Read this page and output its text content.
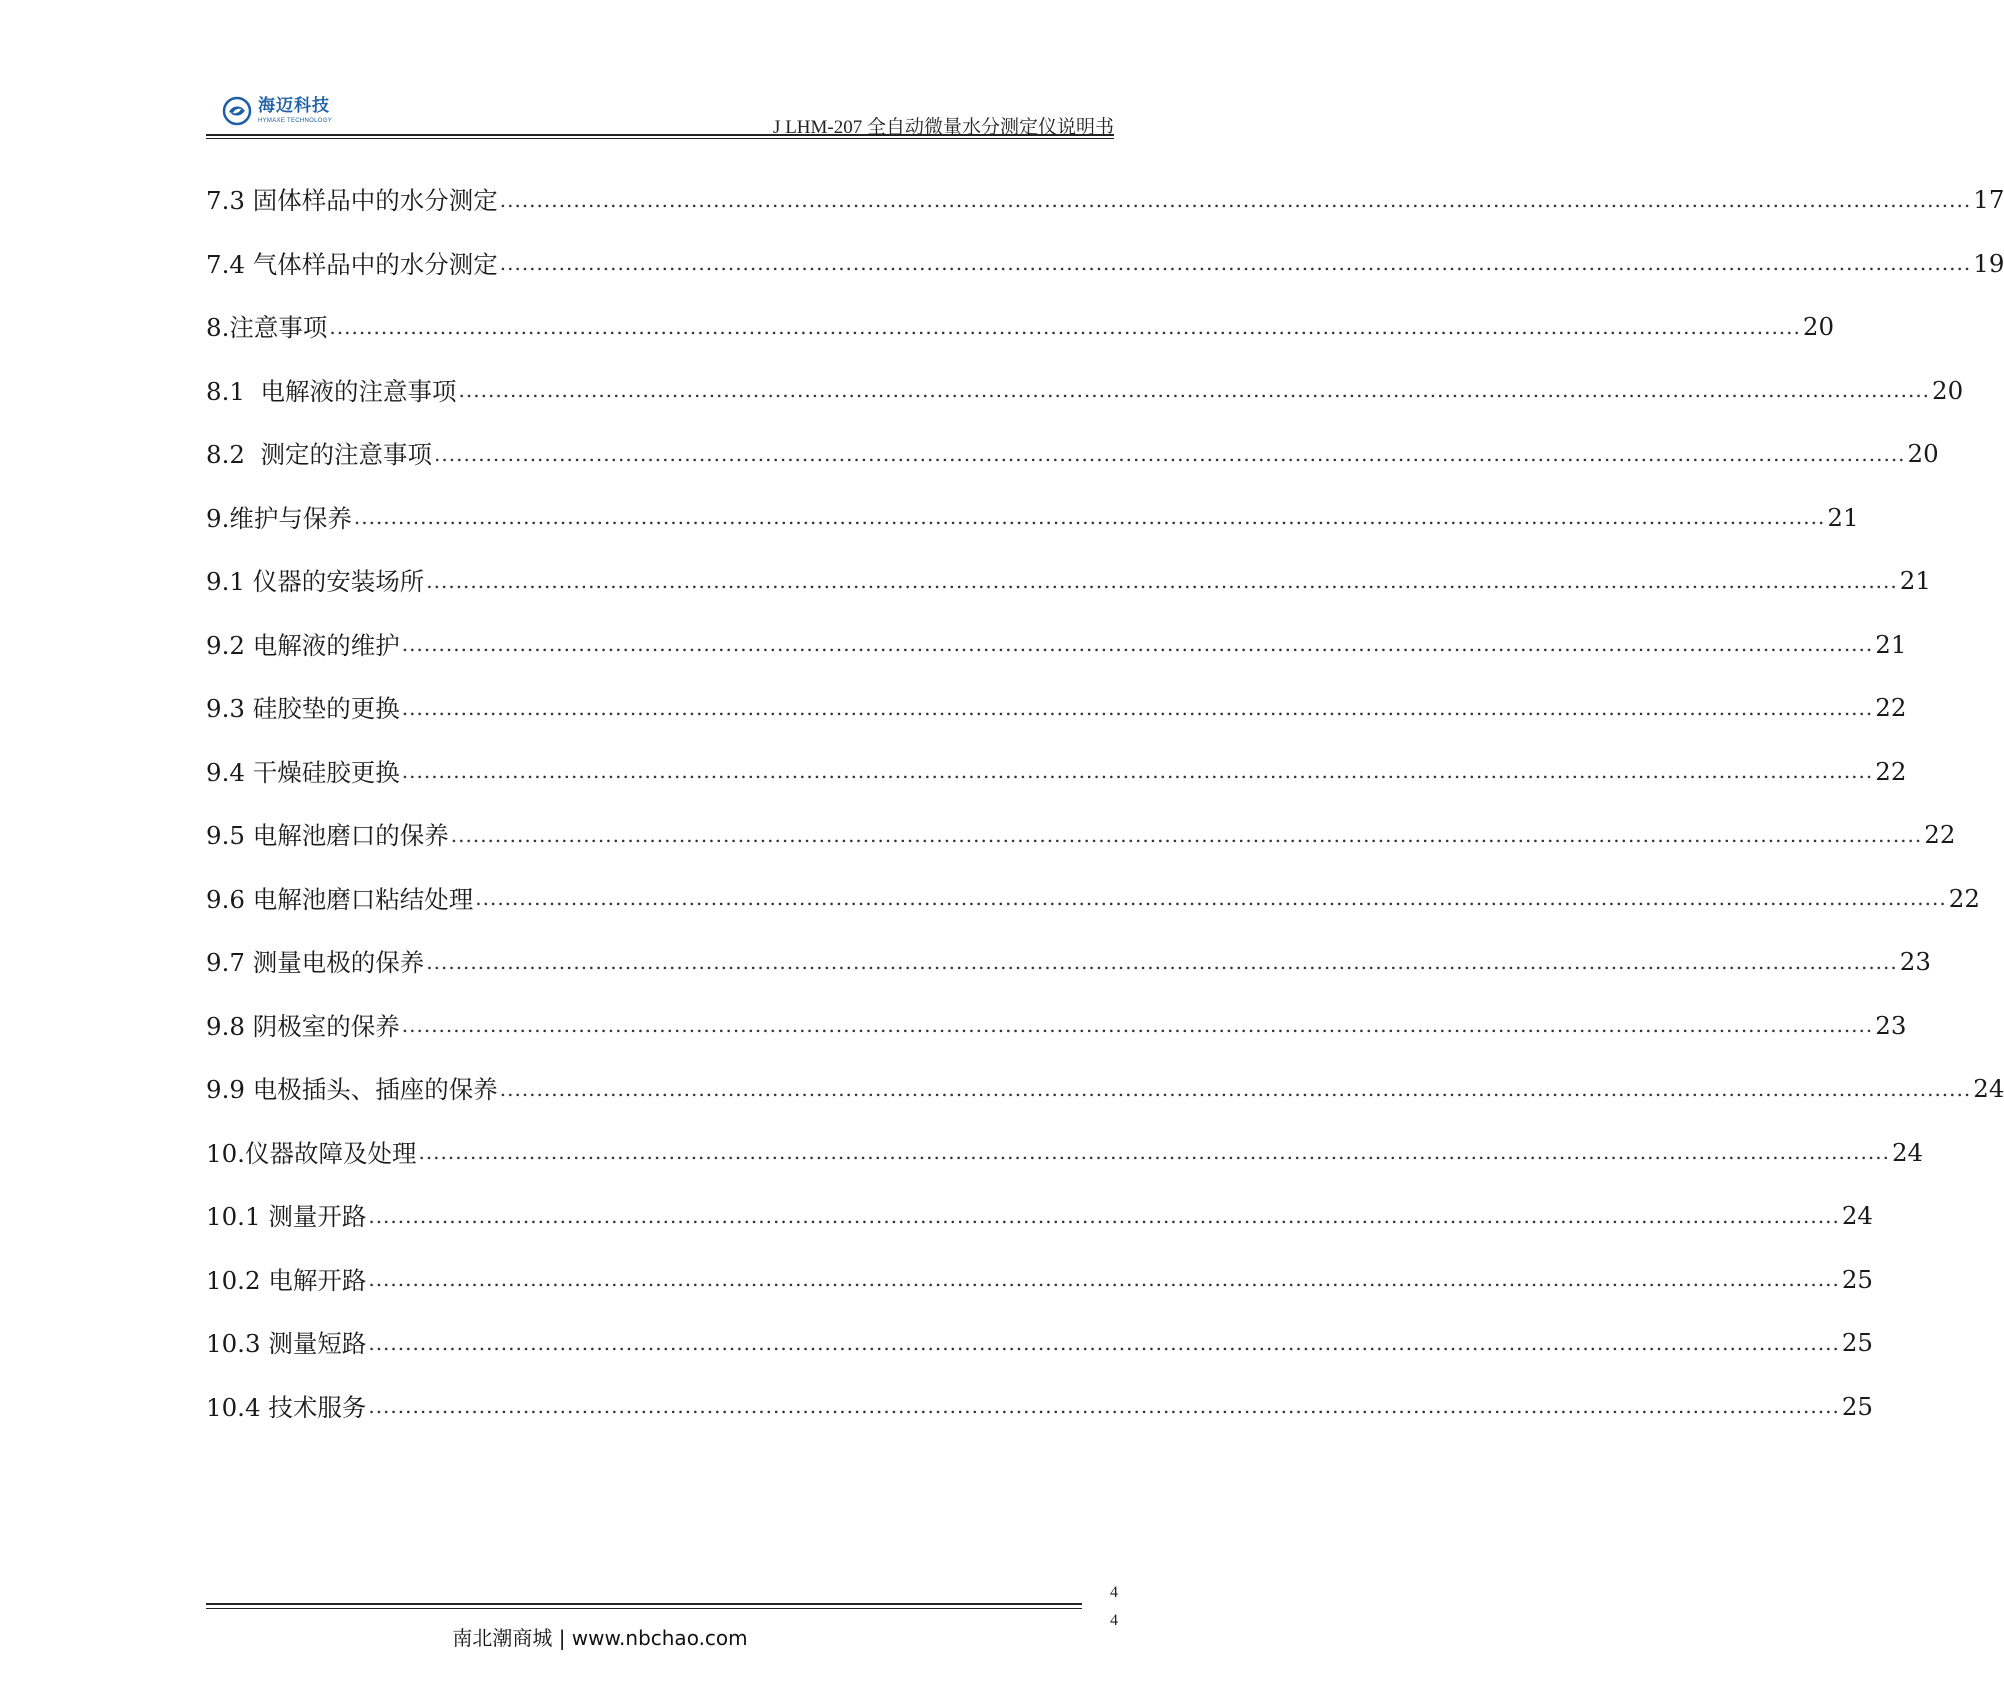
海迈科技
HYMAXE TECHNOLOGY	J LHM-207 全自动微量水分测定仪说明书
7.3 固体样品中的水分测定 ........................................................................................................................................................................................................ 17
7.4 气体样品中的水分测定 ........................................................................................................................................................................................................ 19
8.注意事项 ........................................................................................................................................................................................................ 20
8.1  电解液的注意事项 ........................................................................................................................................................................................................ 20
8.2  测定的注意事项 ........................................................................................................................................................................................................ 20
9.维护与保养 ........................................................................................................................................................................................................ 21
9.1 仪器的安装场所 ........................................................................................................................................................................................................ 21
9.2 电解液的维护 ........................................................................................................................................................................................................ 21
9.3 硅胶垫的更换 ........................................................................................................................................................................................................ 22
9.4 干燥硅胶更换 ........................................................................................................................................................................................................ 22
9.5 电解池磨口的保养 ........................................................................................................................................................................................................ 22
9.6 电解池磨口粘结处理 ........................................................................................................................................................................................................ 22
9.7 测量电极的保养 ........................................................................................................................................................................................................ 23
9.8 阴极室的保养 ........................................................................................................................................................................................................ 23
9.9 电极插头、插座的保养 ........................................................................................................................................................................................................ 24
10.仪器故障及处理 ........................................................................................................................................................................................................ 24
10.1 测量开路 ........................................................................................................................................................................................................ 24
10.2 电解开路 ........................................................................................................................................................................................................ 25
10.3 测量短路 ........................................................................................................................................................................................................ 25
10.4 技术服务 ........................................................................................................................................................................................................ 25
4
4
南北潮商城 | www.nbchao.com
